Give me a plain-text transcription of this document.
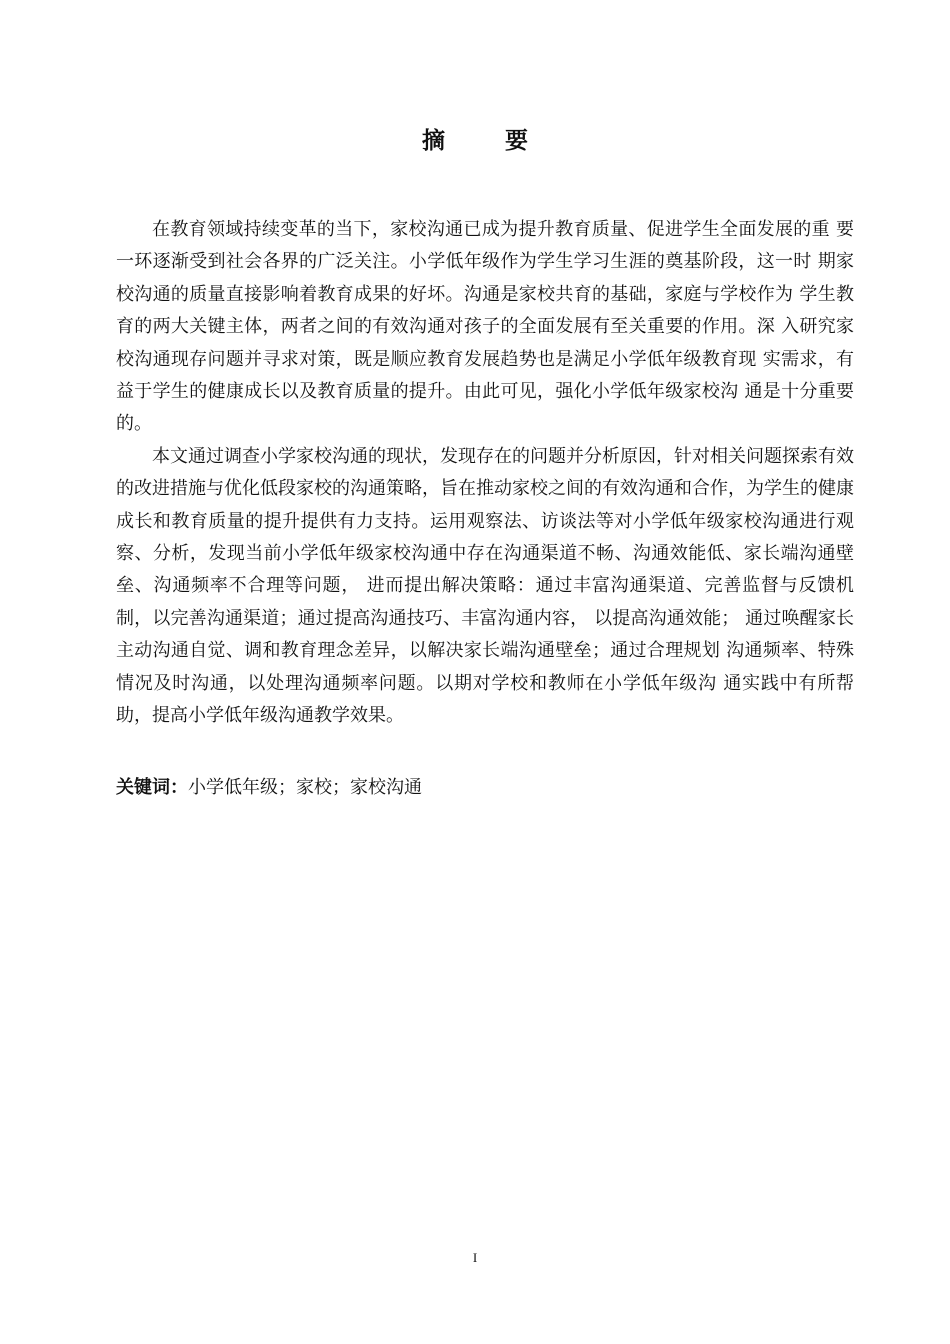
摘 要

在教育领域持续变革的当下，家校沟通已成为提升教育质量、促进学生全面发展的重 要一环逐渐受到社会各界的广泛关注。小学低年级作为学生学习生涯的奠基阶段，这一时 期家校沟通的质量直接影响着教育成果的好坏。沟通是家校共育的基础，家庭与学校作为 学生教育的两大关键主体，两者之间的有效沟通对孩子的全面发展有至关重要的作用。深 入研究家校沟通现存问题并寻求对策，既是顺应教育发展趋势也是满足小学低年级教育现 实需求，有益于学生的健康成长以及教育质量的提升。由此可见，强化小学低年级家校沟 通是十分重要的。

本文通过调查小学家校沟通的现状，发现存在的问题并分析原因，针对相关问题探索有效的改进措施与优化低段家校的沟通策略，旨在推动家校之间的有效沟通和合作，为学生的健康成长和教育质量的提升提供有力支持。运用观察法、访谈法等对小学低年级家校沟通进行观察、分析，发现当前小学低年级家校沟通中存在沟通渠道不畅、沟通效能低、家长端沟通壁垒、沟通频率不合理等问题， 进而提出解决策略：通过丰富沟通渠道、完善监督与反馈机制，以完善沟通渠道；通过提高沟通技巧、丰富沟通内容， 以提高沟通效能； 通过唤醒家长主动沟通自觉、调和教育理念差异，以解决家长端沟通壁垒；通过合理规划 沟通频率、特殊情况及时沟通，以处理沟通频率问题。以期对学校和教师在小学低年级沟 通实践中有所帮助，提高小学低年级沟通教学效果。

关键词：小学低年级；家校；家校沟通
I
